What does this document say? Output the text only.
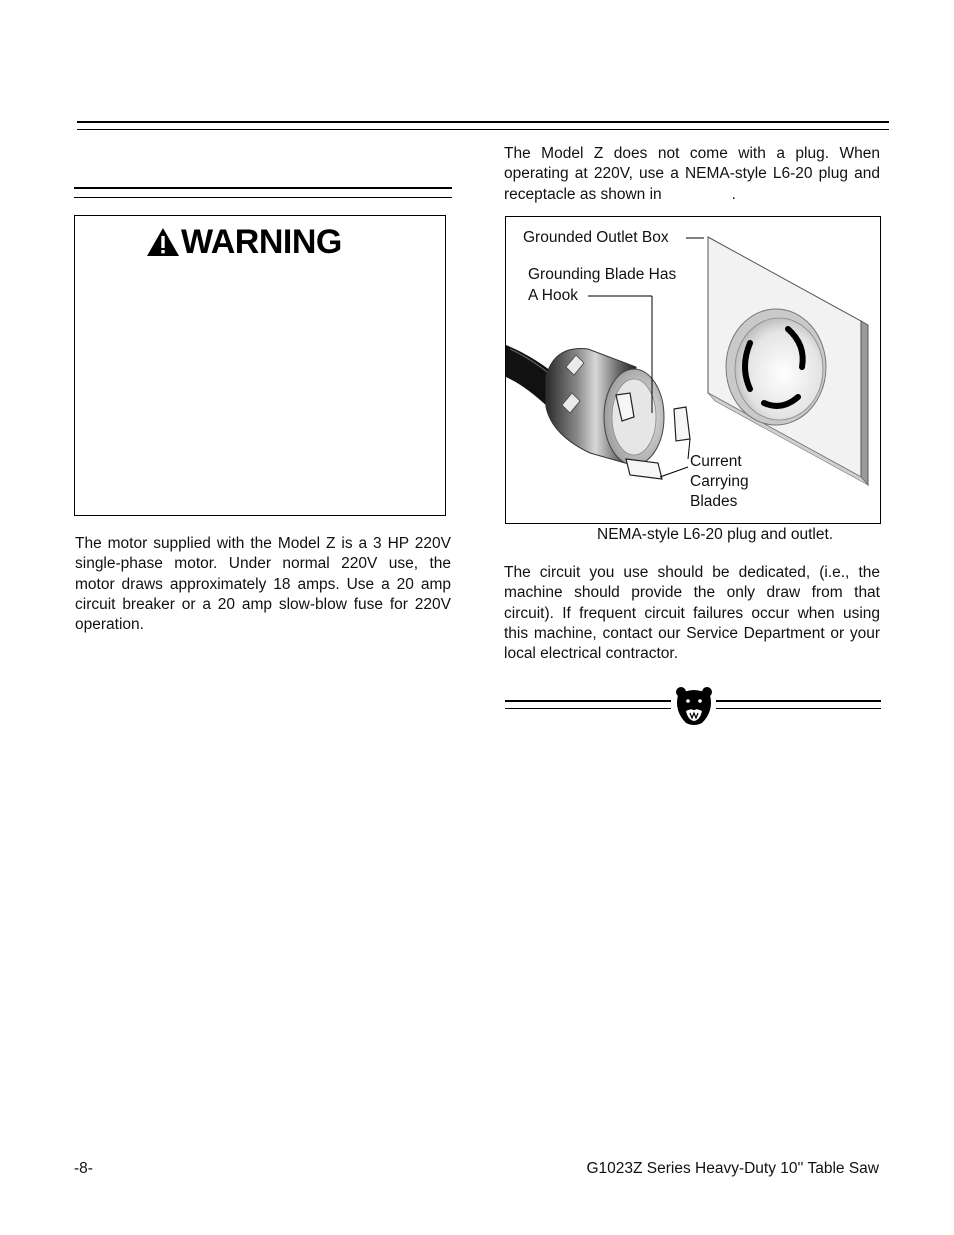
The Model Z does not come with a plug. When operating at 220V, use a NEMA-style L6-20 plug and receptacle as shown in	.

WARNING

The motor supplied with the Model Z is a 3 HP 220V single-phase motor. Under normal 220V use, the motor draws approximately 18 amps. Use a 20 amp circuit breaker or a 20 amp slow-blow fuse for 220V operation.

Grounded Outlet Box
Grounding Blade Has
A Hook
Current
Carrying
Blades
NEMA-style L6-20 plug and outlet.

The circuit you use should be dedicated, (i.e., the machine should provide the only draw from that circuit). If frequent circuit failures occur when using this machine, contact our Service Department or your local electrical contractor.

-8-	G1023Z Series Heavy-Duty 10'' Table Saw
